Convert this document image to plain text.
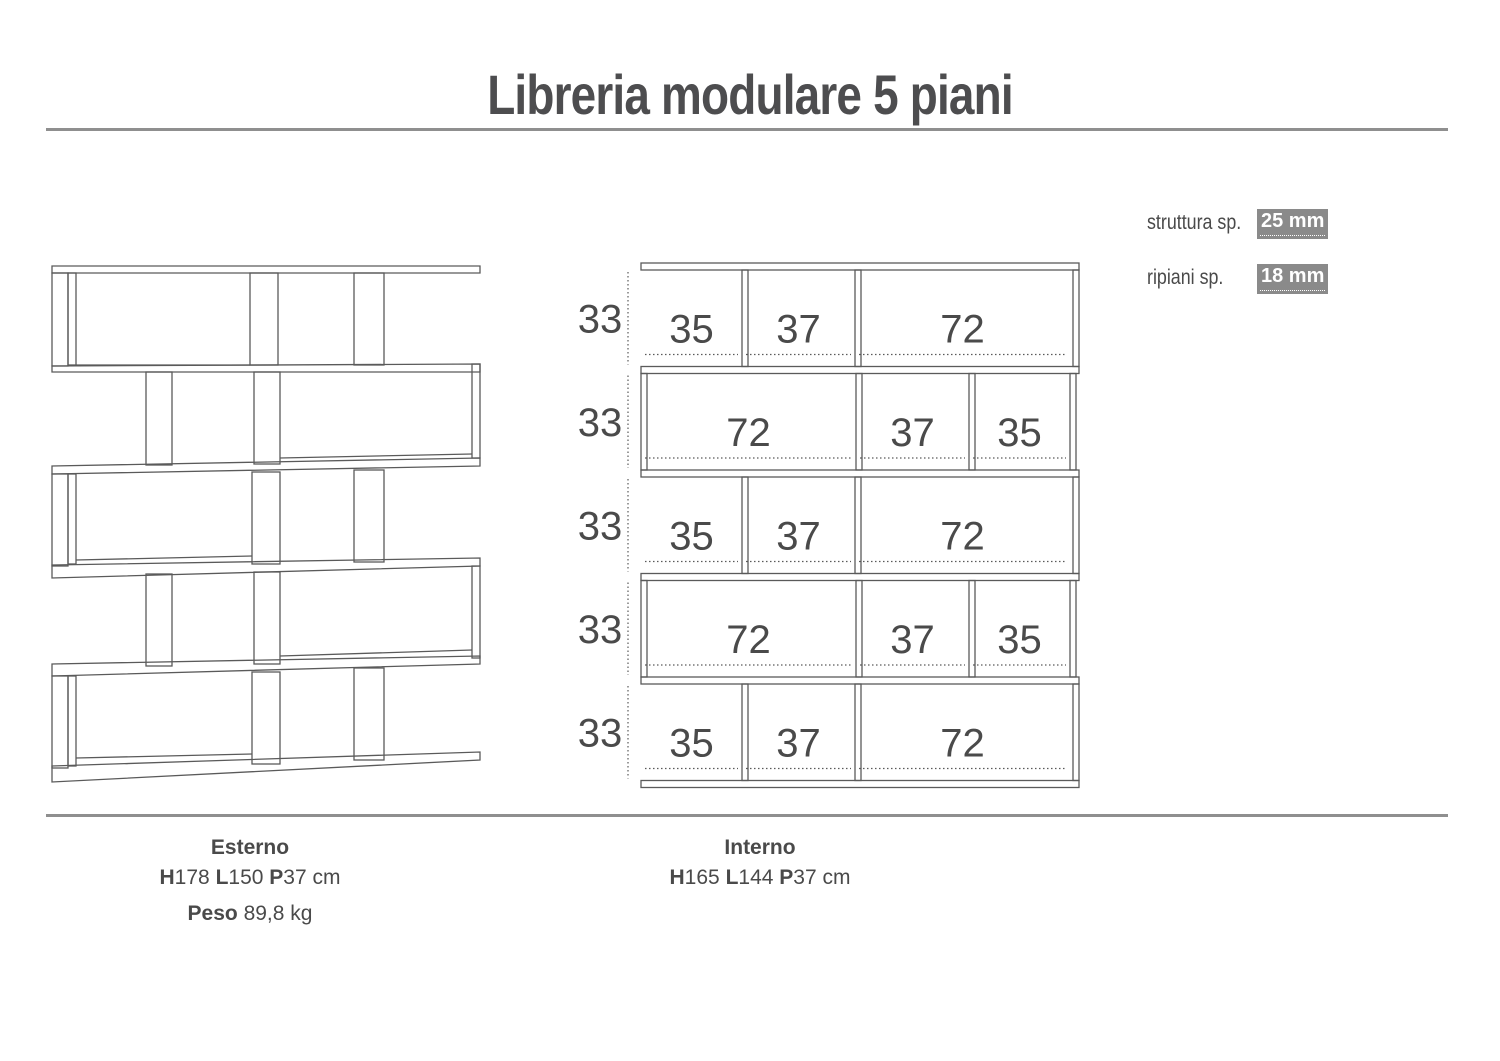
Libreria modulare 5 piani
35 37	72
33
72	37 35
33
35 37	72
33
72	37 35
33
35 37	72
33
struttura sp. 25 mm
ripiani sp. 18 mm
Esterno
H178 L150 P37 cm
Peso 89,8 kg
Interno
H165 L144 P37 cm
